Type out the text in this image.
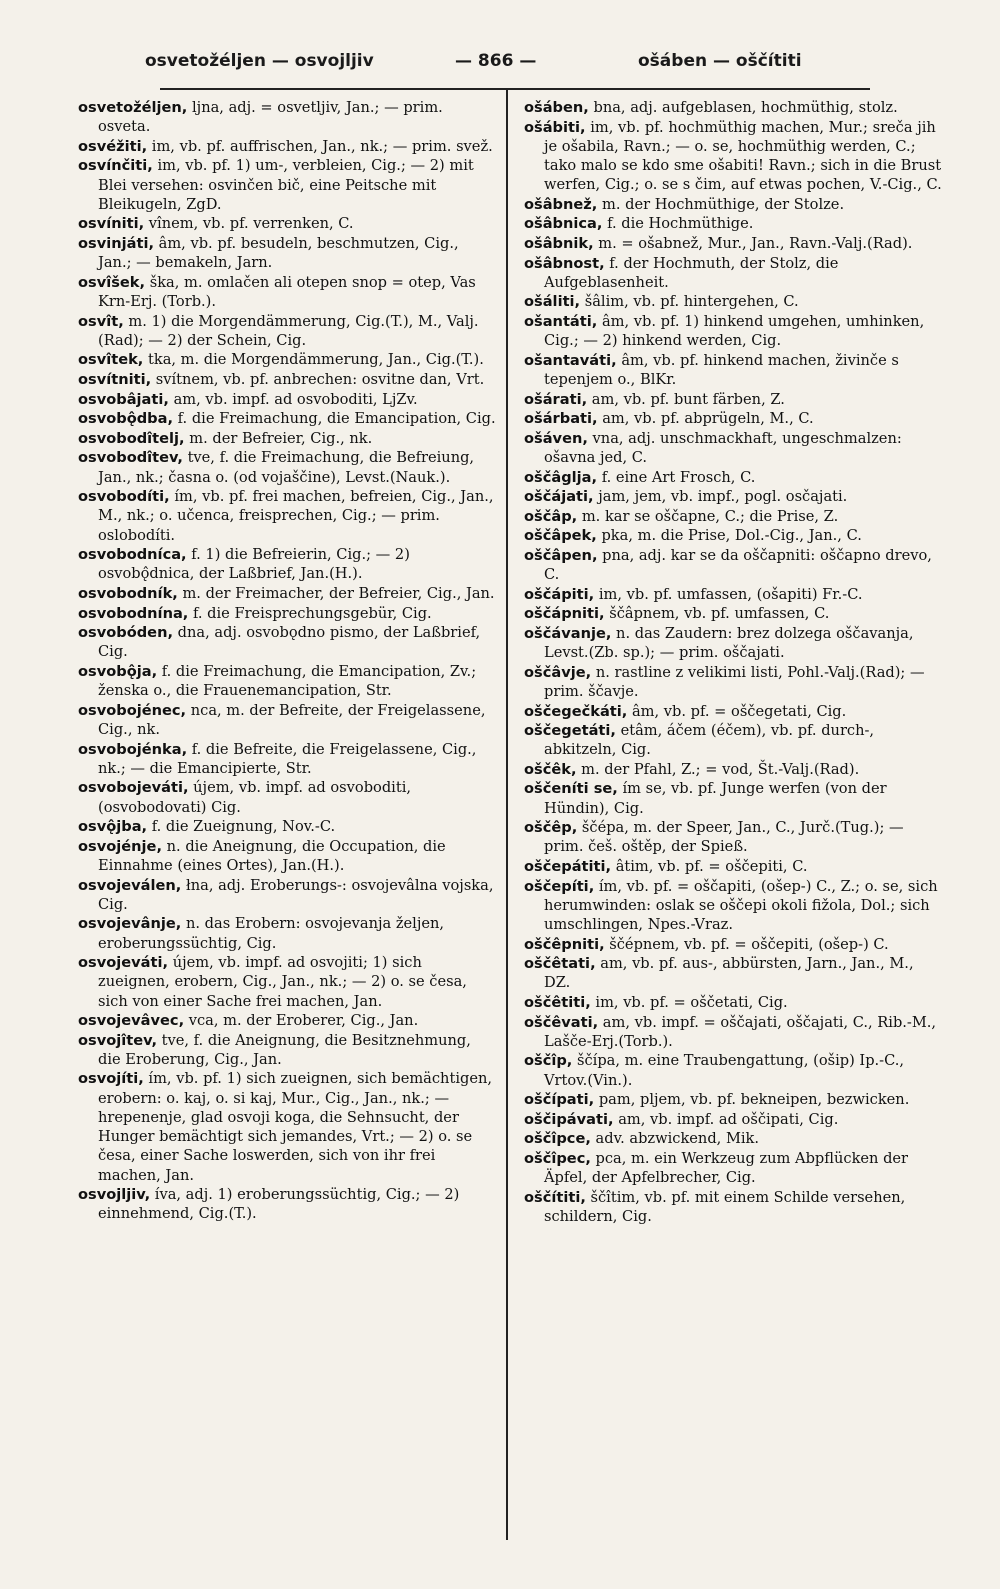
osvetožéljen — osvojljiv	— 866 —	ošáben — oščítiti

osvetožéljen, ljna, adj. = osvetljiv, Jan.; — prim. osveta.

osvéžiti, im, vb. pf. auffrischen, Jan., nk.; — prim. svež.

osvínčiti, im, vb. pf. 1) um-, verbleien, Cig.; — 2) mit Blei versehen: osvinčen bič, eine Peitsche mit Bleikugeln, ZgD.

osvíniti, vînem, vb. pf. verrenken, C.

osvinjáti, âm, vb. pf. besudeln, beschmutzen, Cig., Jan.; — bemakeln, Jarn.

osvîšek, ška, m. omlačen ali otepen snop = otep, Vas Krn-Erj. (Torb.).

osvît, m. 1) die Morgendämmerung, Cig.(T.), M., Valj.(Rad); — 2) der Schein, Cig.

osvîtek, tka, m. die Morgendämmerung, Jan., Cig.(T.).

osvítniti, svítnem, vb. pf. anbrechen: osvitne dan, Vrt.

osvobâjati, am, vb. impf. ad osvoboditi, LjZv.

osvobǫ̂dba, f. die Freimachung, die Emancipation, Cig.

osvobodîtelj, m. der Befreier, Cig., nk.

osvobodîtev, tve, f. die Freimachung, die Befreiung, Jan., nk.; časna o. (od vojaščine), Levst.(Nauk.).

osvobodíti, ím, vb. pf. frei machen, befreien, Cig., Jan., M., nk.; o. učenca, freisprechen, Cig.; — prim. oslobodíti.

osvobodníca, f. 1) die Befreierin, Cig.; — 2) osvobǫ̂dnica, der Laßbrief, Jan.(H.).

osvobodník, m. der Freimacher, der Befreier, Cig., Jan.

osvobodnína, f. die Freisprechungsgebür, Cig.

osvobóden, dna, adj. osvobǫdno pismo, der Laßbrief, Cig.

osvobǫ̂ja, f. die Freimachung, die Emancipation, Zv.; ženska o., die Frauenemancipation, Str.

osvobojénec, nca, m. der Befreite, der Freigelassene, Cig., nk.

osvobojénka, f. die Befreite, die Freigelassene, Cig., nk.; — die Emancipierte, Str.

osvobojeváti, újem, vb. impf. ad osvoboditi, (osvobodovati) Cig.

osvǫ̂jba, f. die Zueignung, Nov.-C.

osvojénje, n. die Aneignung, die Occupation, die Einnahme (eines Ortes), Jan.(H.).

osvojeválen, łna, adj. Eroberungs-: osvojevâlna vojska, Cig.

osvojevânje, n. das Erobern: osvojevanja željen, eroberungssüchtig, Cig.

osvojeváti, újem, vb. impf. ad osvojiti; 1) sich zueignen, erobern, Cig., Jan., nk.; — 2) o. se česa, sich von einer Sache frei machen, Jan.

osvojevâvec, vca, m. der Eroberer, Cig., Jan.

osvojîtev, tve, f. die Aneignung, die Besitznehmung, die Eroberung, Cig., Jan.

osvojíti, ím, vb. pf. 1) sich zueignen, sich bemächtigen, erobern: o. kaj, o. si kaj, Mur., Cig., Jan., nk.; — hrepenenje, glad osvoji koga, die Sehnsucht, der Hunger bemächtigt sich jemandes, Vrt.; — 2) o. se česa, einer Sache loswerden, sich von ihr frei machen, Jan.

osvojljiv, íva, adj. 1) eroberungssüchtig, Cig.; — 2) einnehmend, Cig.(T.).

ošáben, bna, adj. aufgeblasen, hochmüthig, stolz.

ošábiti, im, vb. pf. hochmüthig machen, Mur.; sreča jih je ošabila, Ravn.; — o. se, hochmüthig werden, C.; tako malo se kdo sme ošabiti! Ravn.; sich in die Brust werfen, Cig.; o. se s čim, auf etwas pochen, V.-Cig., C.

ošâbnež, m. der Hochmüthige, der Stolze.

ošâbnica, f. die Hochmüthige.

ošâbnik, m. = ošabnež, Mur., Jan., Ravn.-Valj.(Rad).

ošâbnost, f. der Hochmuth, der Stolz, die Aufgeblasenheit.

ošáliti, šâlim, vb. pf. hintergehen, C.

ošantáti, âm, vb. pf. 1) hinkend umgehen, umhinken, Cig.; — 2) hinkend werden, Cig.

ošantaváti, âm, vb. pf. hinkend machen, živinče s tepenjem o., BlKr.

ošárati, am, vb. pf. bunt färben, Z.

ošárbati, am, vb. pf. abprügeln, M., C.

ošáven, vna, adj. unschmackhaft, ungeschmalzen: ošavna jed, C.

oščâglja, f. eine Art Frosch, C.

oščájati, jam, jem, vb. impf., pogl. osčajati.

oščâp, m. kar se oščapne, C.; die Prise, Z.

oščâpek, pka, m. die Prise, Dol.-Cig., Jan., C.

oščâpen, pna, adj. kar se da oščapniti: oščapno drevo, C.

oščápiti, im, vb. pf. umfassen, (ošapiti) Fr.-C.

oščápniti, ščâpnem, vb. pf. umfassen, C.

oščávanje, n. das Zaudern: brez dolzega oščavanja, Levst.(Zb. sp.); — prim. oščajati.

oščâvje, n. rastline z velikimi listi, Pohl.-Valj.(Rad); — prim. ščavje.

oščegečkáti, âm, vb. pf. = oščegetati, Cig.

oščegetáti, etâm, áčem (éčem), vb. pf. durch-, abkitzeln, Cig.

oščêk, m. der Pfahl, Z.; = vod, Št.-Valj.(Rad).

oščeníti se, ím se, vb. pf. Junge werfen (von der Hündin), Cig.

oščêp, ščépa, m. der Speer, Jan., C., Jurč.(Tug.); — prim. češ. oštěp, der Spieß.

oščepátiti, âtim, vb. pf. = oščepiti, C.

oščepíti, ím, vb. pf. = oščapiti, (ošep-) C., Z.; o. se, sich herumwinden: oslak se oščepi okoli fižola, Dol.; sich umschlingen, Npes.-Vraz.

oščêpniti, ščépnem, vb. pf. = oščepiti, (ošep-) C.

oščêtati, am, vb. pf. aus-, abbürsten, Jarn., Jan., M., DZ.

oščêtiti, im, vb. pf. = oščetati, Cig.

oščêvati, am, vb. impf. = oščajati, oščajati, C., Rib.-M., Lašče-Erj.(Torb.).

oščîp, ščípa, m. eine Traubengattung, (ošip) Ip.-C., Vrtov.(Vin.).

oščípati, pam, pljem, vb. pf. bekneipen, bezwicken.

oščipávati, am, vb. impf. ad oščipati, Cig.

oščîpce, adv. abzwickend, Mik.

oščîpec, pca, m. ein Werkzeug zum Abpflücken der Äpfel, der Apfelbrecher, Cig.

oščítiti, ščîtim, vb. pf. mit einem Schilde versehen, schildern, Cig.
